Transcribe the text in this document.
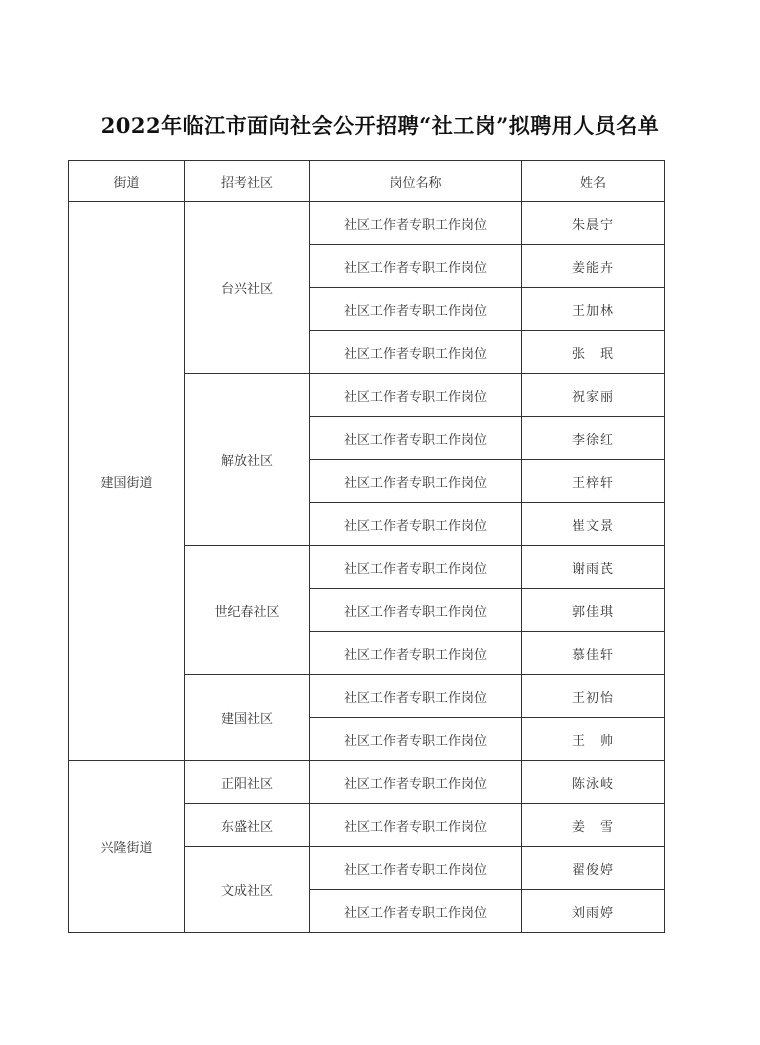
2022年临江市面向社会公开招聘“社工岗”拟聘用人员名单
街道	招考社区	岗位名称	姓名
建国街道	台兴社区	社区工作者专职工作岗位	朱晨宁
		社区工作者专职工作岗位	姜能卉
		社区工作者专职工作岗位	王加林
		社区工作者专职工作岗位	张　珉
	解放社区	社区工作者专职工作岗位	祝家丽
		社区工作者专职工作岗位	李徐红
		社区工作者专职工作岗位	王梓轩
		社区工作者专职工作岗位	崔文景
	世纪春社区	社区工作者专职工作岗位	谢雨芪
		社区工作者专职工作岗位	郭佳琪
		社区工作者专职工作岗位	慕佳轩
	建国社区	社区工作者专职工作岗位	王初怡
		社区工作者专职工作岗位	王　帅
兴隆街道	正阳社区	社区工作者专职工作岗位	陈泳岐
	东盛社区	社区工作者专职工作岗位	姜　雪
	文成社区	社区工作者专职工作岗位	翟俊婷
		社区工作者专职工作岗位	刘雨婷
